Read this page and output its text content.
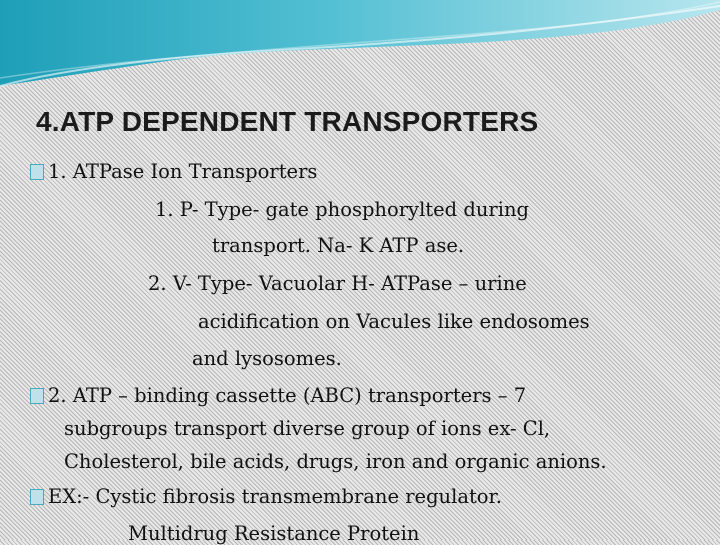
4.ATP DEPENDENT TRANSPORTERS
1. ATPase Ion Transporters
1. P- Type- gate phosphorylted during
transport. Na- K ATP ase.
2. V- Type- Vacuolar H- ATPase – urine
acidification on Vacules like endosomes
and lysosomes.
2. ATP – binding cassette (ABC) transporters – 7
subgroups transport diverse group of ions ex- Cl,
Cholesterol, bile acids, drugs, iron and organic anions.
EX:- Cystic fibrosis transmembrane regulator.
Multidrug Resistance Protein
